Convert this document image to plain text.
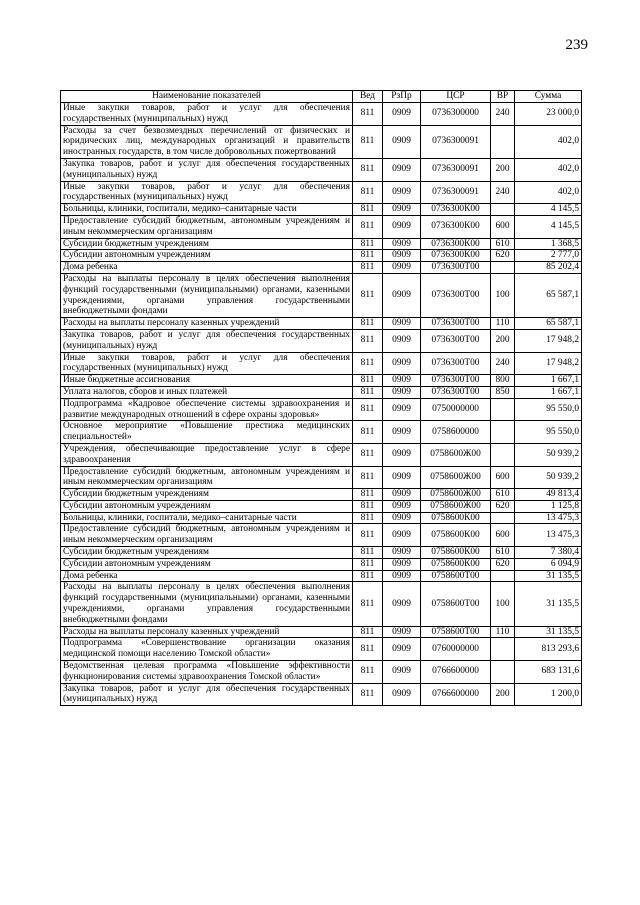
239
Наименование показателей	Вед	РзПр	ЦСР	ВР	Сумма
Иные закупки товаров, работ и услуг для обеспечения государственных (муниципальных) нужд	811	0909	0736300000	240	23 000,0
Расходы за счет безвозмездных перечислений от физических и юридических лиц, международных организаций и правительств иностранных государств, в том числе добровольных пожертвований	811	0909	0736300091		402,0
Закупка товаров, работ и услуг для обеспечения государственных (муниципальных) нужд	811	0909	0736300091	200	402,0
Иные закупки товаров, работ и услуг для обеспечения государственных (муниципальных) нужд	811	0909	0736300091	240	402,0
Больницы, клиники, госпитали, медико–санитарные части	811	0909	0736300К00		4 145,5
Предоставление субсидий бюджетным, автономным учреждениям и иным некоммерческим организациям	811	0909	0736300К00	600	4 145,5
Субсидии бюджетным учреждениям	811	0909	0736300К00	610	1 368,5
Субсидии автономным учреждениям	811	0909	0736300К00	620	2 777,0
Дома ребенка	811	0909	0736300Т00		85 202,4
Расходы на выплаты персоналу в целях обеспечения выполнения функций государственными (муниципальными) органами, казенными учреждениями, органами управления государственными внебюджетными фондами	811	0909	0736300Т00	100	65 587,1
Расходы на выплаты персоналу казенных учреждений	811	0909	0736300Т00	110	65 587,1
Закупка товаров, работ и услуг для обеспечения государственных (муниципальных) нужд	811	0909	0736300Т00	200	17 948,2
Иные закупки товаров, работ и услуг для обеспечения государственных (муниципальных) нужд	811	0909	0736300Т00	240	17 948,2
Иные бюджетные ассигнования	811	0909	0736300Т00	800	1 667,1
Уплата налогов, сборов и иных платежей	811	0909	0736300Т00	850	1 667,1
Подпрограмма «Кадровое обеспечение системы здравоохранения и развитие международных отношений в сфере охраны здоровья»	811	0909	0750000000		95 550,0
Основное мероприятие «Повышение престижа медицинских специальностей»	811	0909	0758600000		95 550,0
Учреждения, обеспечивающие предоставление услуг в сфере здравоохранения	811	0909	0758600Ж00		50 939,2
Предоставление субсидий бюджетным, автономным учреждениям и иным некоммерческим организациям	811	0909	0758600Ж00	600	50 939,2
Субсидии бюджетным учреждениям	811	0909	0758600Ж00	610	49 813,4
Субсидии автономным учреждениям	811	0909	0758600Ж00	620	1 125,8
Больницы, клиники, госпитали, медико–санитарные части	811	0909	0758600К00		13 475,3
Предоставление субсидий бюджетным, автономным учреждениям и иным некоммерческим организациям	811	0909	0758600К00	600	13 475,3
Субсидии бюджетным учреждениям	811	0909	0758600К00	610	7 380,4
Субсидии автономным учреждениям	811	0909	0758600К00	620	6 094,9
Дома ребенка	811	0909	0758600Т00		31 135,5
Расходы на выплаты персоналу в целях обеспечения выполнения функций государственными (муниципальными) органами, казенными учреждениями, органами управления государственными внебюджетными фондами	811	0909	0758600Т00	100	31 135,5
Расходы на выплаты персоналу казенных учреждений	811	0909	0758600Т00	110	31 135,5
Подпрограмма «Совершенствование организации оказания медицинской помощи населению Томской области»	811	0909	0760000000		813 293,6
Ведомственная целевая программа «Повышение эффективности функционирования системы здравоохранения Томской области»	811	0909	0766600000		683 131,6
Закупка товаров, работ и услуг для обеспечения государственных (муниципальных) нужд	811	0909	0766600000	200	1 200,0
